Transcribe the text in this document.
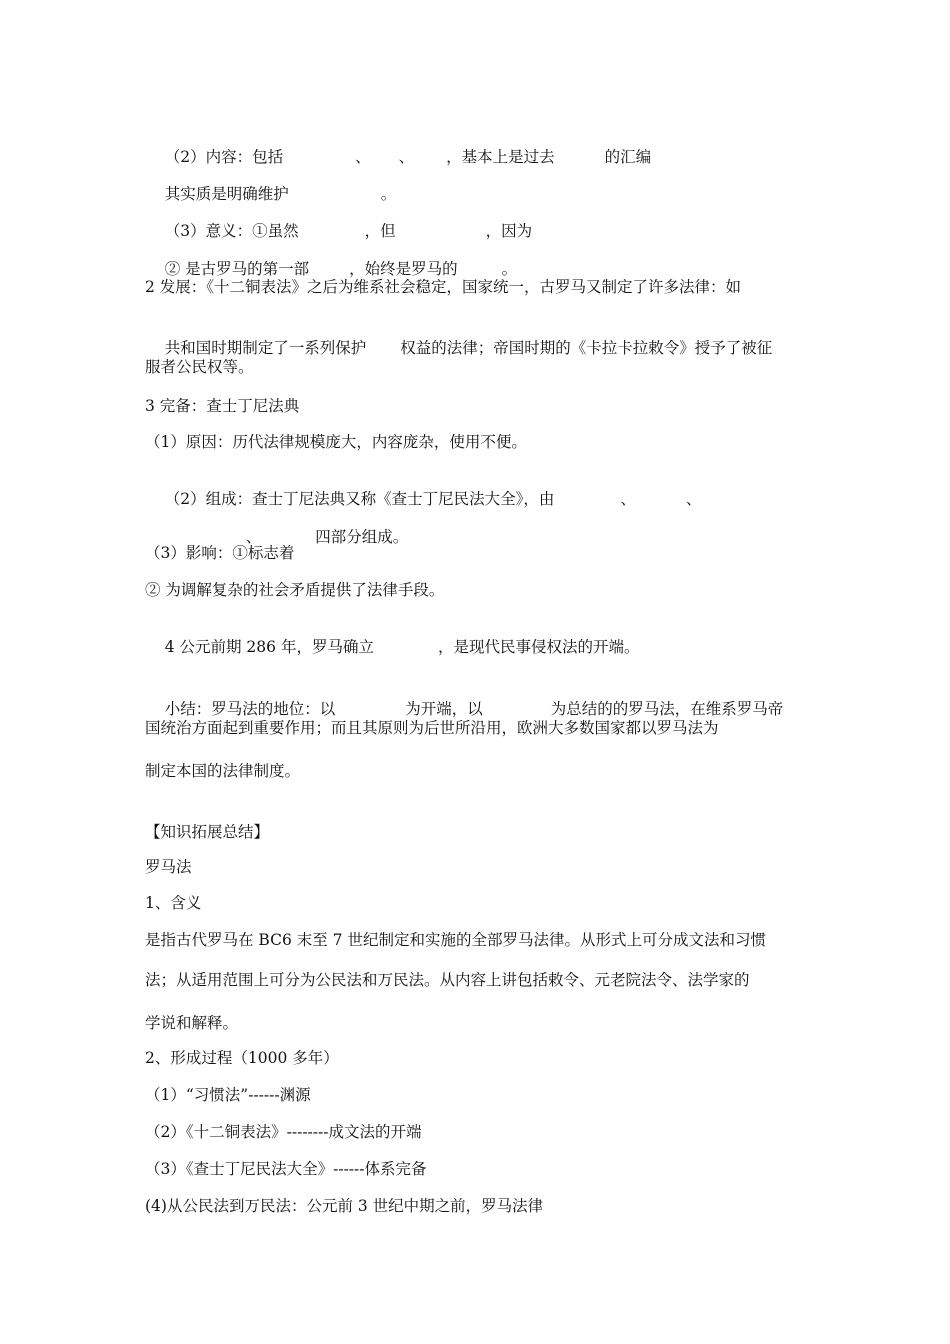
（2）内容：包括	、 、 ，基本上是过去	的汇编

其实质是明确维护	。

（3）意义：①虽然	，但	，因为

② 是古罗马的第一部	，始终是罗马的	。

2 发展：《十二铜表法》之后为维系社会稳定，国家统一，古罗马又制定了许多法律：如

共和国时期制定了一系列保护 权益的法律；帝国时期的《卡拉卡拉敕令》授予了被征

服者公民权等。
3 完备：查士丁尼法典
（1）原因：历代法律规模庞大，内容庞杂，使用不便。

（2）组成：查士丁尼法典又称《查士丁尼民法大全》，由	、	、

、	四部分组成。

（3）影响：①标志着
② 为调解复杂的社会矛盾提供了法律手段。

4 公元前期 286 年，罗马确立	，是现代民事侵权法的开端。

小结：罗马法的地位：以	为开端，以	为总结的的罗马法，在维系罗马帝

国统治方面起到重要作用；而且其原则为后世所沿用，欧洲大多数国家都以罗马法为
制定本国的法律制度。
【知识拓展总结】
罗马法
1、含义
是指古代罗马在 BC6 末至 7 世纪制定和实施的全部罗马法律。从形式上可分成文法和习惯
法；从适用范围上可分为公民法和万民法。从内容上讲包括敕令、元老院法令、法学家的
学说和解释。
2、形成过程（1000 多年）
（1）“习惯法”------渊源
（2）《十二铜表法》--------成文法的开端
（3）《查士丁尼民法大全》------体系完备
(4)从公民法到万民法：公元前 3 世纪中期之前，罗马法律
